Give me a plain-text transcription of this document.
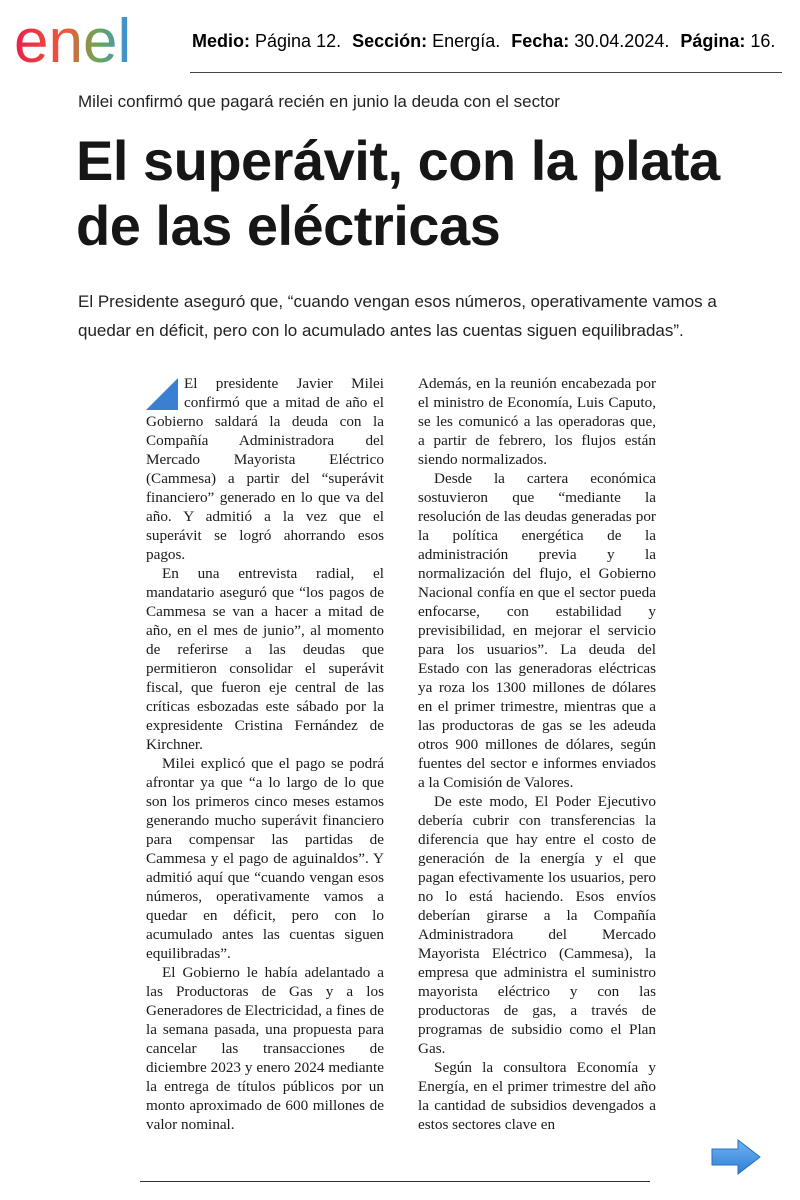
enel	Medio: Página 12. Sección: Energía. Fecha: 30.04.2024. Página: 16.
Milei confirmó que pagará recién en junio la deuda con el sector
El superávit, con la plata de las eléctricas

El Presidente aseguró que, “cuando vengan esos números, operativamente vamos a quedar en déficit, pero con lo acumulado antes las cuentas siguen equilibradas”.

El presidente Javier Milei confirmó que a mitad de año el Gobierno saldará la deuda con la Compañía Administradora del Mercado Mayorista Eléctrico (Cammesa) a partir del “superávit financiero” generado en lo que va del año. Y admitió a la vez que el superávit se logró ahorrando esos pagos.

En una entrevista radial, el mandatario aseguró que “los pagos de Cammesa se van a hacer a mitad de año, en el mes de junio”, al momento de referirse a las deudas que permitieron consolidar el superávit fiscal, que fueron eje central de las críticas esbozadas este sábado por la expresidente Cristina Fernández de Kirchner.

Milei explicó que el pago se podrá afrontar ya que “a lo largo de lo que son los primeros cinco meses estamos generando mucho superávit financiero para compensar las partidas de Cammesa y el pago de aguinaldos”. Y admitió aquí que “cuando vengan esos números, operativamente vamos a quedar en déficit, pero con lo acumulado antes las cuentas siguen equilibradas”.

El Gobierno le había adelantado a las Productoras de Gas y a los Generadores de Electricidad, a fines de la semana pasada, una propuesta para cancelar las transacciones de diciembre 2023 y enero 2024 mediante la entrega de títulos públicos por un monto aproximado de 600 millones de valor nominal.

Además, en la reunión encabezada por el ministro de Economía, Luis Caputo, se les comunicó a las operadoras que, a partir de febrero, los flujos están siendo normalizados.

Desde la cartera económica sostuvieron que “mediante la resolución de las deudas generadas por la política energética de la administración previa y la normalización del flujo, el Gobierno Nacional confía en que el sector pueda enfocarse, con estabilidad y previsibilidad, en mejorar el servicio para los usuarios”. La deuda del Estado con las generadoras eléctricas ya roza los 1300 millones de dólares en el primer trimestre, mientras que a las productoras de gas se les adeuda otros 900 millones de dólares, según fuentes del sector e informes enviados a la Comisión de Valores.

De este modo, El Poder Ejecutivo debería cubrir con transferencias la diferencia que hay entre el costo de generación de la energía y el que pagan efectivamente los usuarios, pero no lo está haciendo. Esos envíos deberían girarse a la Compañía Administradora del Mercado Mayorista Eléctrico (Cammesa), la empresa que administra el suministro mayorista eléctrico y con las productoras de gas, a través de programas de subsidio como el Plan Gas.

Según la consultora Economía y Energía, en el primer trimestre del año la cantidad de subsidios devengados a estos sectores clave en
